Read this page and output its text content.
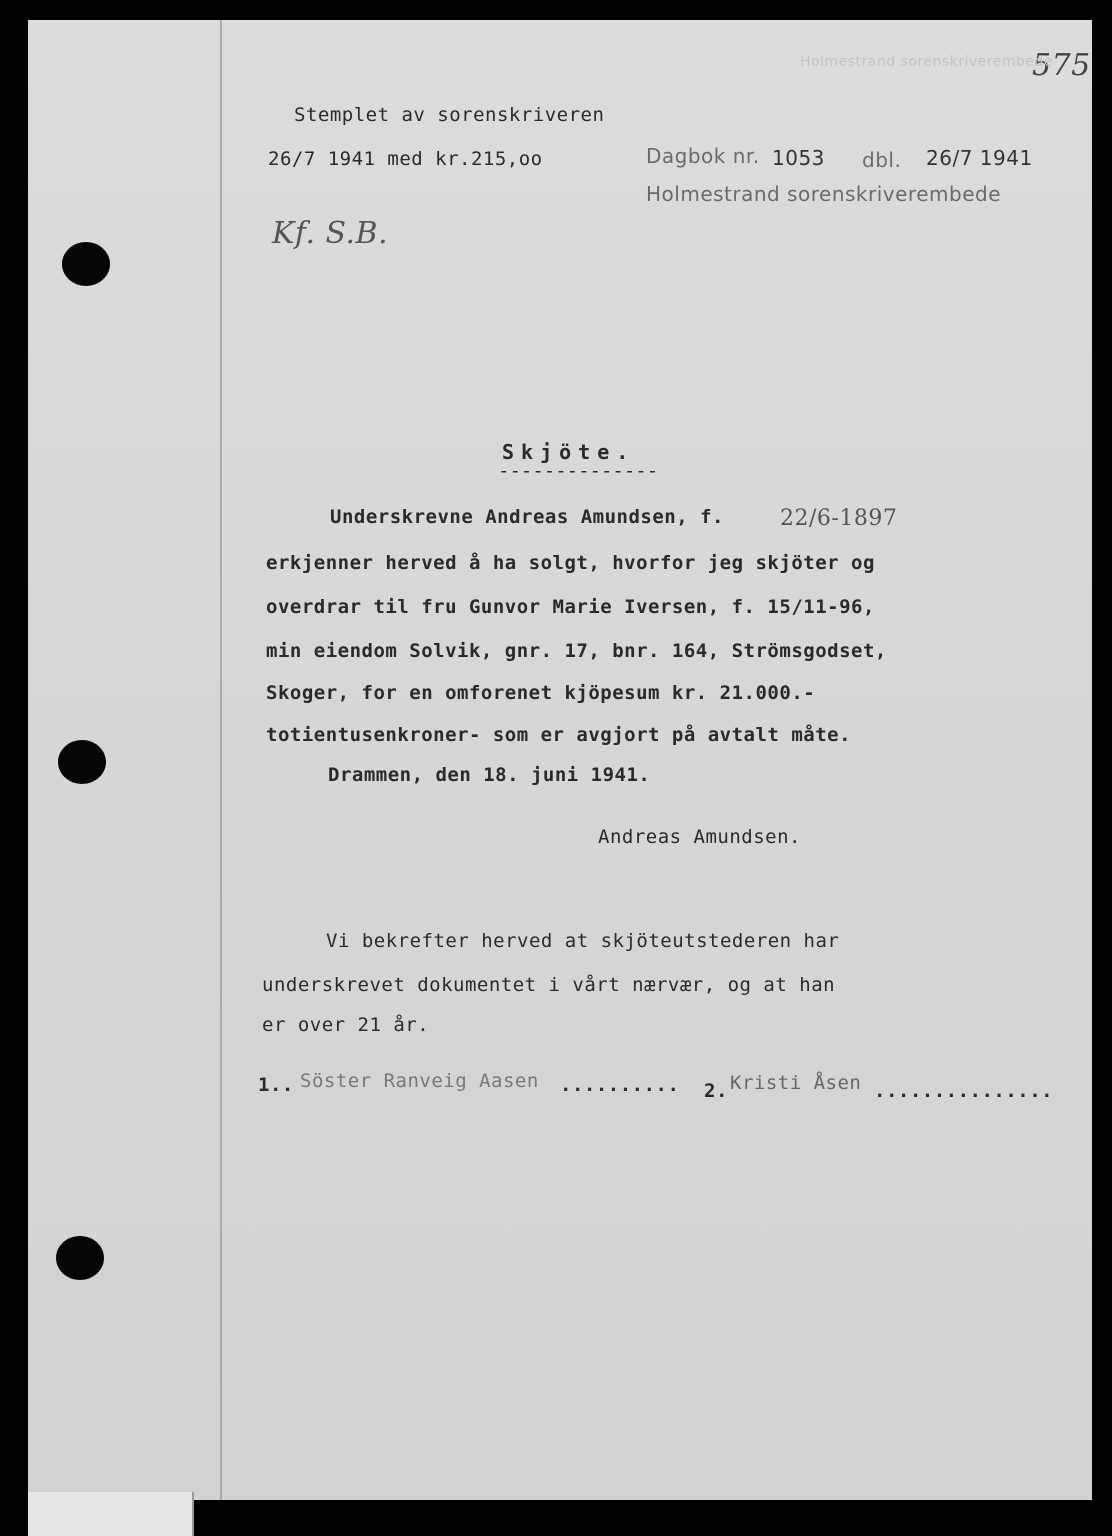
575
Holmestrand sorenskriverembede
Stemplet av sorenskriveren
26/7 1941 med kr.215,oo	Dagbok nr. 1053 dbl. 26/7 1941
Holmestrand sorenskriverembede
Kf. S.B.
Skjöte.
--------------
Underskrevne Andreas Amundsen, f.	22/6-1897
erkjenner herved å ha solgt, hvorfor jeg skjöter og
overdrar til fru Gunvor Marie Iversen, f. 15/11-96,
min eiendom Solvik, gnr. 17, bnr. 164, Strömsgodset,
Skoger, for en omforenet kjöpesum kr. 21.000.-
totientusenkroner- som er avgjort på avtalt måte.
Drammen, den 18. juni 1941.
Andreas Amundsen.
Vi bekrefter herved at skjöteutstederen har
underskrevet dokumentet i vårt nærvær, og at han
er over 21 år.
1.. Söster Ranveig Aasen .......... 2. Kristi Åsen ...............
